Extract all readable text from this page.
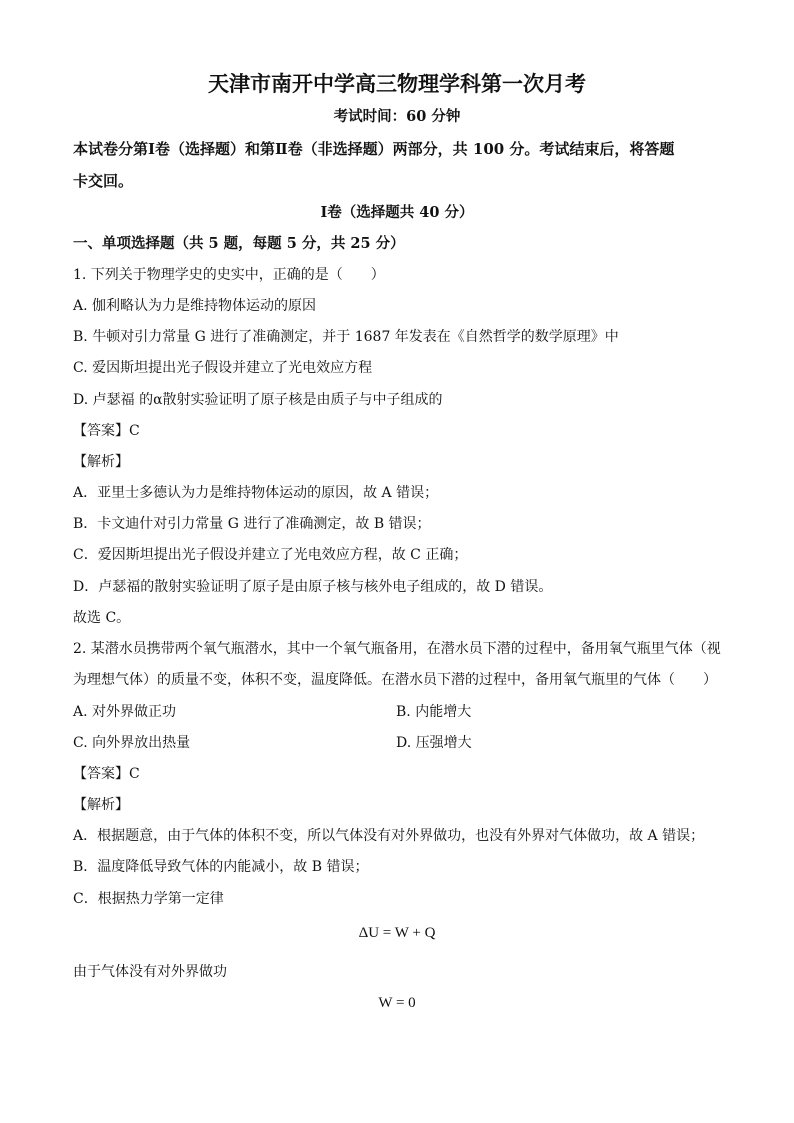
天津市南开中学高三物理学科第一次月考
考试时间：60 分钟
本试卷分第Ⅰ卷（选择题）和第Ⅱ卷（非选择题）两部分，共 100 分。考试结束后，将答题
卡交回。
Ⅰ卷（选择题共 40 分）
一、单项选择题（共 5 题，每题 5 分，共 25 分）
1. 下列关于物理学史的史实中，正确的是（　　）
A. 伽利略认为力是维持物体运动的原因
B. 牛顿对引力常量 G 进行了准确测定，并于 1687 年发表在《自然哲学的数学原理》中
C. 爱因斯坦提出光子假设并建立了光电效应方程
D. 卢瑟福 的α散射实验证明了原子核是由质子与中子组成的
【答案】C
【解析】
A．亚里士多德认为力是维持物体运动的原因，故 A 错误；
B．卡文迪什对引力常量 G 进行了准确测定，故 B 错误；
C．爱因斯坦提出光子假设并建立了光电效应方程，故 C 正确；
D．卢瑟福的散射实验证明了原子是由原子核与核外电子组成的，故 D 错误。
故选 C。
2. 某潜水员携带两个氧气瓶潜水，其中一个氧气瓶备用，在潜水员下潜的过程中，备用氧气瓶里气体（视
为理想气体）的质量不变，体积不变，温度降低。在潜水员下潜的过程中，备用氧气瓶里的气体（　　）
A. 对外界做正功	B. 内能增大
C. 向外界放出热量	D. 压强增大
【答案】C
【解析】
A．根据题意，由于气体的体积不变，所以气体没有对外界做功，也没有外界对气体做功，故 A 错误；
B．温度降低导致气体的内能减小，故 B 错误；
C．根据热力学第一定律
ΔU = W + Q
由于气体没有对外界做功
W = 0
